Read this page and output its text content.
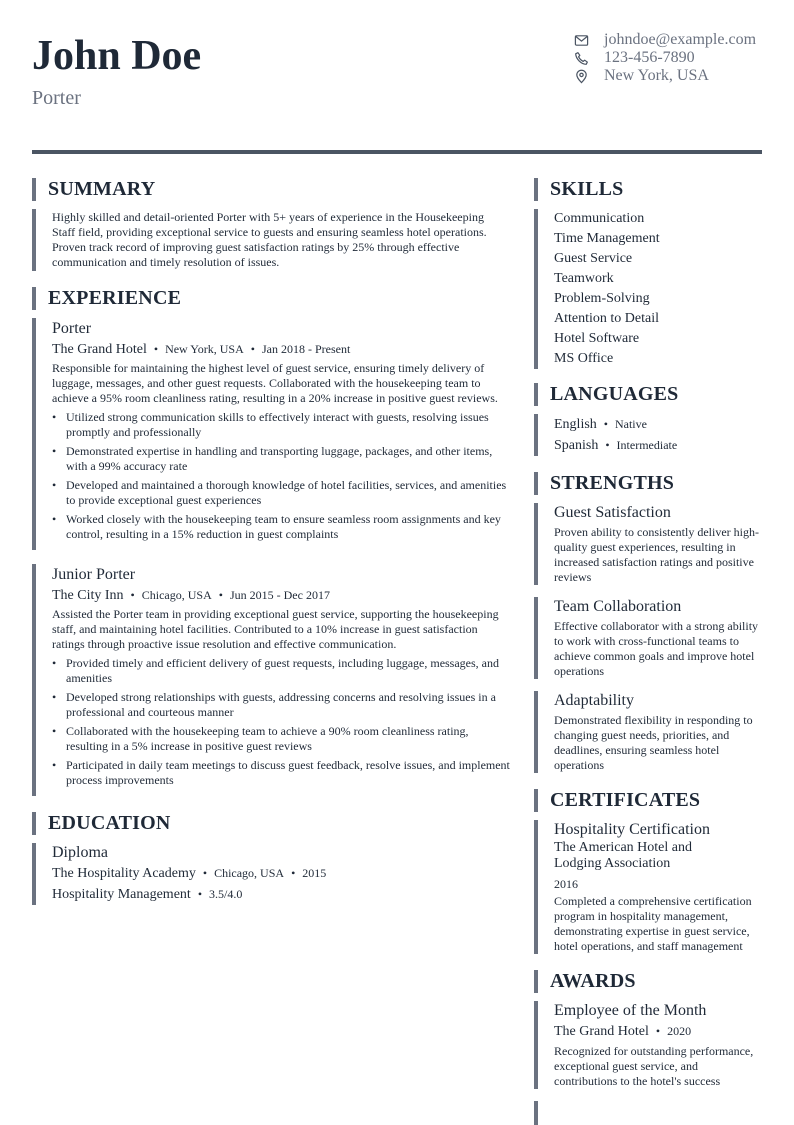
John Doe
Porter
johndoe@example.com
123-456-7890
New York, USA
SUMMARY
Highly skilled and detail-oriented Porter with 5+ years of experience in the Housekeeping Staff field, providing exceptional service to guests and ensuring seamless hotel operations. Proven track record of improving guest satisfaction ratings by 25% through effective communication and timely resolution of issues.
EXPERIENCE
Porter
The Grand Hotel • New York, USA • Jan 2018 - Present
Responsible for maintaining the highest level of guest service, ensuring timely delivery of luggage, messages, and other guest requests. Collaborated with the housekeeping team to achieve a 95% room cleanliness rating, resulting in a 20% increase in positive guest reviews.
• Utilized strong communication skills to effectively interact with guests, resolving issues promptly and professionally
• Demonstrated expertise in handling and transporting luggage, packages, and other items, with a 99% accuracy rate
• Developed and maintained a thorough knowledge of hotel facilities, services, and amenities to provide exceptional guest experiences
• Worked closely with the housekeeping team to ensure seamless room assignments and key control, resulting in a 15% reduction in guest complaints
Junior Porter
The City Inn • Chicago, USA • Jun 2015 - Dec 2017
Assisted the Porter team in providing exceptional guest service, supporting the housekeeping staff, and maintaining hotel facilities. Contributed to a 10% increase in guest satisfaction ratings through proactive issue resolution and effective communication.
• Provided timely and efficient delivery of guest requests, including luggage, messages, and amenities
• Developed strong relationships with guests, addressing concerns and resolving issues in a professional and courteous manner
• Collaborated with the housekeeping team to achieve a 90% room cleanliness rating, resulting in a 5% increase in positive guest reviews
• Participated in daily team meetings to discuss guest feedback, resolve issues, and implement process improvements
EDUCATION
Diploma
The Hospitality Academy • Chicago, USA • 2015
Hospitality Management • 3.5/4.0
SKILLS
Communication
Time Management
Guest Service
Teamwork
Problem-Solving
Attention to Detail
Hotel Software
MS Office
LANGUAGES
English • Native
Spanish • Intermediate
STRENGTHS
Guest Satisfaction
Proven ability to consistently deliver high-quality guest experiences, resulting in increased satisfaction ratings and positive reviews
Team Collaboration
Effective collaborator with a strong ability to work with cross-functional teams to achieve common goals and improve hotel operations
Adaptability
Demonstrated flexibility in responding to changing guest needs, priorities, and deadlines, ensuring seamless hotel operations
CERTIFICATES
Hospitality Certification
The American Hotel and Lodging Association
2016
Completed a comprehensive certification program in hospitality management, demonstrating expertise in guest service, hotel operations, and staff management
AWARDS
Employee of the Month
The Grand Hotel • 2020
Recognized for outstanding performance, exceptional guest service, and contributions to the hotel's success
